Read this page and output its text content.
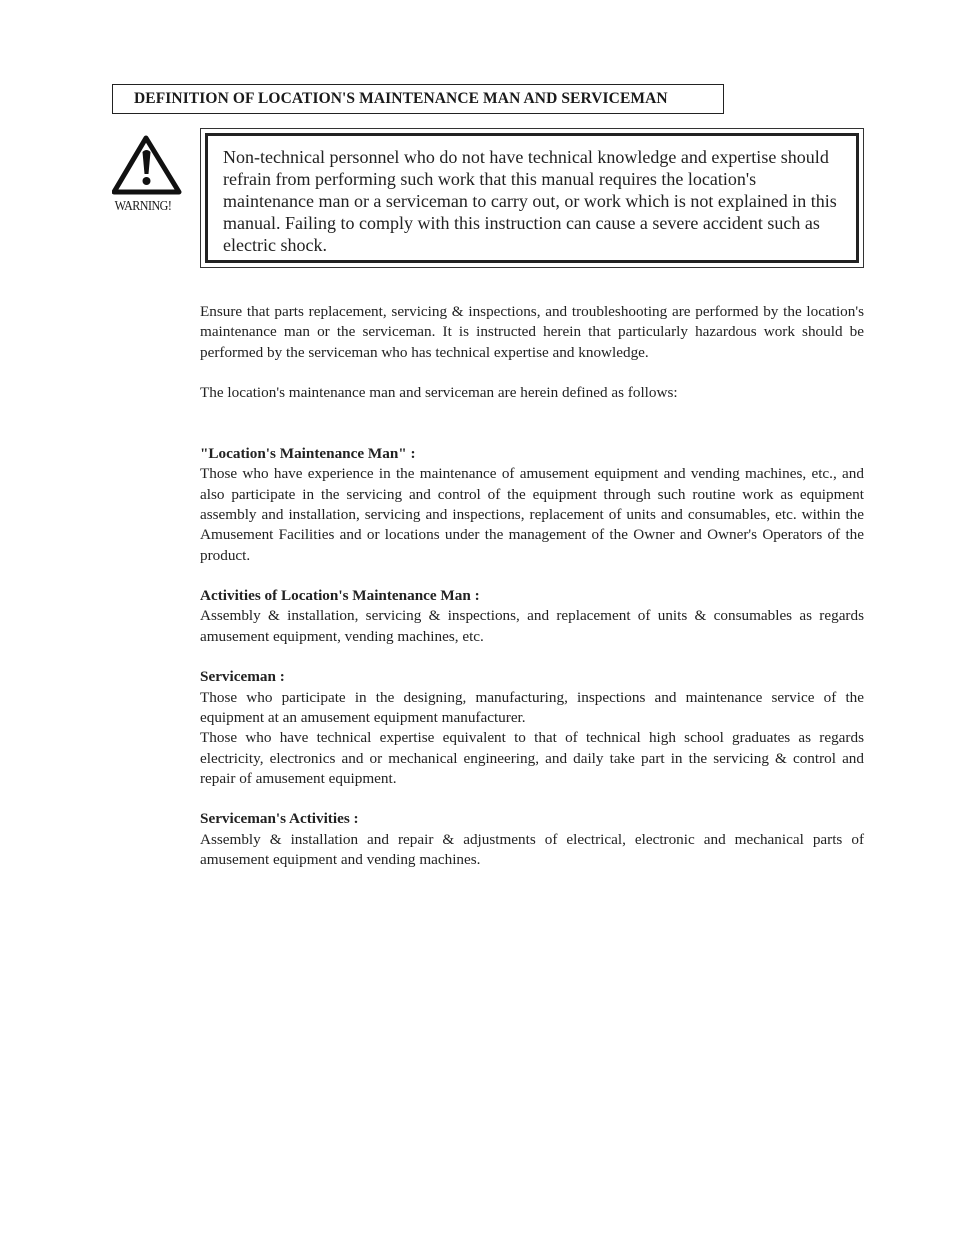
DEFINITION OF LOCATION'S MAINTENANCE MAN AND SERVICEMAN
WARNING!
Non-technical personnel who do not have technical knowledge and expertise should refrain from performing such work that this manual requires the location's maintenance man or a serviceman to carry out, or work which is not explained in this manual. Failing to comply with this instruction can cause a severe accident such as electric shock.

Ensure that parts replacement, servicing & inspections, and troubleshooting are performed by the location's maintenance man or the serviceman. It is instructed herein that particularly hazardous work should be performed by the serviceman who has technical expertise and knowledge.

The location's maintenance man and serviceman are herein defined as follows:

"Location's Maintenance Man" :

Those who have experience in the maintenance of amusement equipment and vending machines, etc., and also participate in the servicing and control of the equipment through such routine work as equipment assembly and installation, servicing and inspections, replacement of units and consumables, etc. within the Amusement Facilities and or locations under the management of the Owner and Owner's Operators of the product.

Activities of Location's Maintenance Man :

Assembly & installation, servicing & inspections, and replacement of units & consumables as regards amusement equipment, vending machines, etc.

Serviceman :

Those who participate in the designing, manufacturing, inspections and maintenance service of the equipment at an amusement equipment manufacturer.

Those who have technical expertise equivalent to that of technical high school graduates as regards electricity, electronics and or mechanical engineering, and daily take part in the servicing & control and repair of amusement equipment.

Serviceman's Activities :

Assembly & installation and repair & adjustments of electrical, electronic and mechanical parts of amusement equipment and vending machines.
